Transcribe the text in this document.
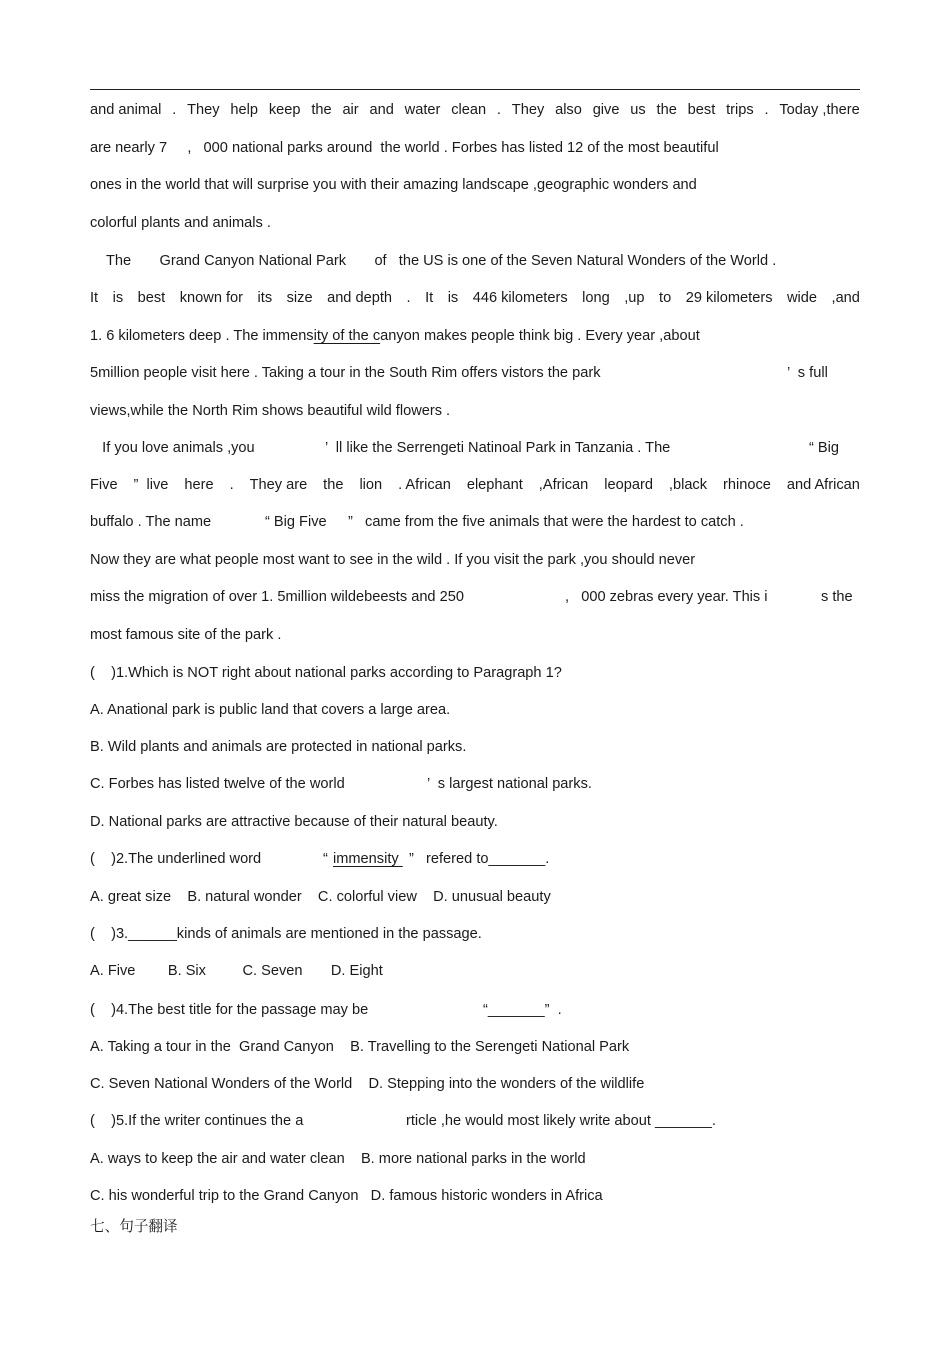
and animal . They help keep the air and water clean . They also give us the best trips . Today ,there
are nearly 7     ,   000 national parks around  the world . Forbes has listed 12 of the most beautiful
ones in the world that will surprise you with their amazing landscape ,geographic wonders and
colorful plants and animals .
The       Grand Canyon National Park       of   the US is one of the Seven Natural Wonders of the World .
It is best known for its size and depth . It is 446 kilometers long ,up to 29 kilometers wide ,and
1. 6 kilometers deep . The immensity of the canyon makes people think big . Every year ,about
5million people visit here . Taking a tour in the South Rim offers vistors the park	’  s full
views,while the North Rim shows beautiful wild flowers .
If you love animals ,you	’  ll like the Serrengeti Natinoal Park in Tanzania . The	“ Big
Five ”  live here . They are the lion . African elephant ,African leopard ,black rhinoce and African
buffalo . The name	“ Big Five ”   came from the five animals that were the hardest to catch .
Now they are what people most want to see in the wild . If you visit the park ,you should never
miss the migration of over 1. 5million wildebeests and 250	,   000 zebras every year. This i	s the
most famous site of the park .
(    )1.Which is NOT right about national parks according to Paragraph 1?
A. Anational park is public land that covers a large area.
B. Wild plants and animals are protected in national parks.
C. Forbes has listed twelve of the world	’  s largest national parks.
D. National parks are attractive because of their natural beauty.
(    )2.The underlined word	“ immensity ”   refered to_______.
A. great size    B. natural wonder    C. colorful view    D. unusual beauty
(    )3.______kinds of animals are mentioned in the passage.
A. Five        B. Six         C. Seven       D. Eight
(    )4.The best title for the passage may be	“_______”  .
A. Taking a tour in the  Grand Canyon    B. Travelling to the Serengeti National Park
C. Seven National Wonders of the World    D. Stepping into the wonders of the wildlife
(    )5.If the writer continues the a	rticle ,he would most likely write about _______.
A. ways to keep the air and water clean    B. more national parks in the world
C. his wonderful trip to the Grand Canyon   D. famous historic wonders in Africa
七、句子翻译
